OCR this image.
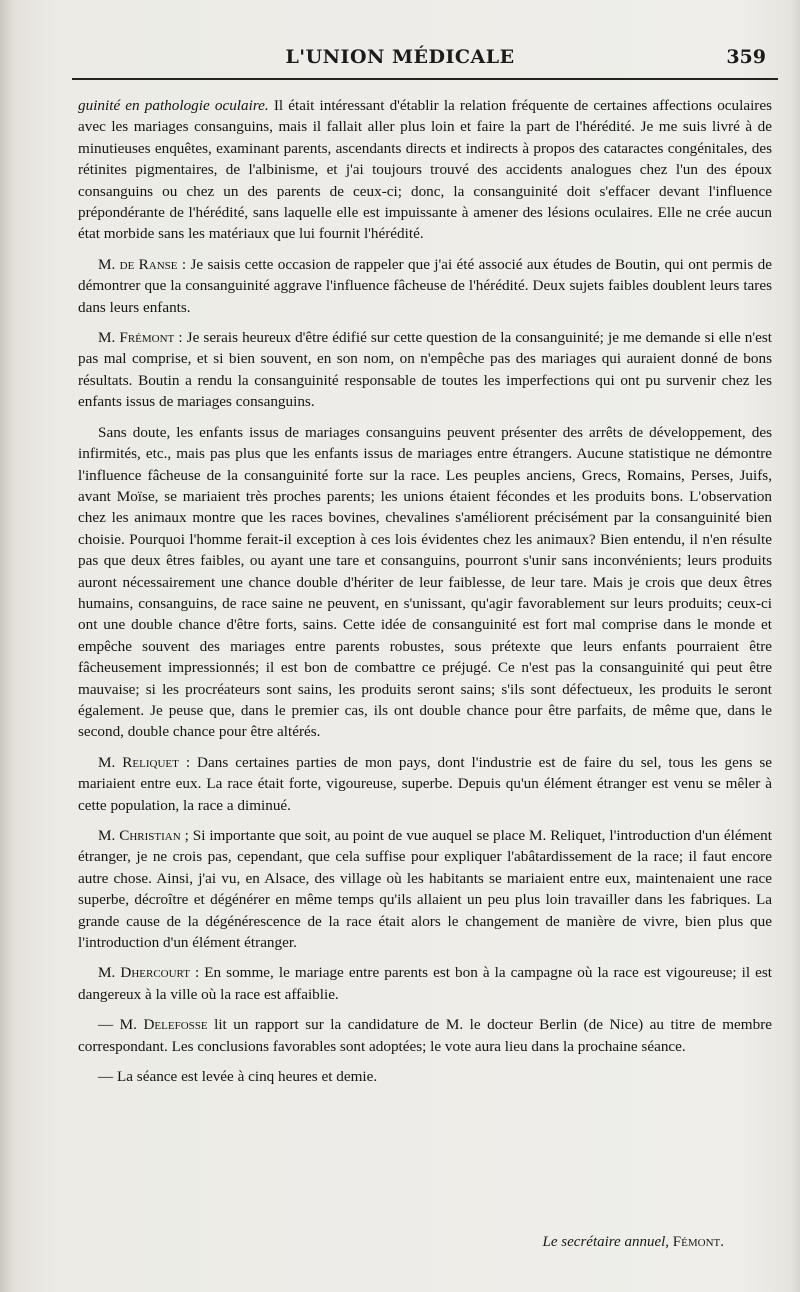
L'UNION MÉDICALE	359

guinité en pathologie oculaire. Il était intéressant d'établir la relation fréquente de certaines affections oculaires avec les mariages consanguins, mais il fallait aller plus loin et faire la part de l'hérédité. Je me suis livré à de minutieuses enquêtes, examinant parents, ascendants directs et indirects à propos des cataractes congénitales, des rétinites pigmentaires, de l'albinisme, et j'ai toujours trouvé des accidents analogues chez l'un des époux consanguins ou chez un des parents de ceux-ci; donc, la consanguinité doit s'effacer devant l'influence prépondérante de l'hérédité, sans laquelle elle est impuissante à amener des lésions oculaires. Elle ne crée aucun état morbide sans les matériaux que lui fournit l'hérédité.

M. de Ranse : Je saisis cette occasion de rappeler que j'ai été associé aux études de Boutin, qui ont permis de démontrer que la consanguinité aggrave l'influence fâcheuse de l'hérédité. Deux sujets faibles doublent leurs tares dans leurs enfants.

M. Frémont : Je serais heureux d'être édifié sur cette question de la consanguinité; je me demande si elle n'est pas mal comprise, et si bien souvent, en son nom, on n'empêche pas des mariages qui auraient donné de bons résultats. Boutin a rendu la consanguinité responsable de toutes les imperfections qui ont pu survenir chez les enfants issus de mariages consanguins.

Sans doute, les enfants issus de mariages consanguins peuvent présenter des arrêts de développement, des infirmités, etc., mais pas plus que les enfants issus de mariages entre étrangers. Aucune statistique ne démontre l'influence fâcheuse de la consanguinité forte sur la race. Les peuples anciens, Grecs, Romains, Perses, Juifs, avant Moïse, se mariaient très proches parents; les unions étaient fécondes et les produits bons. L'observation chez les animaux montre que les races bovines, chevalines s'améliorent précisément par la consanguinité bien choisie. Pourquoi l'homme ferait-il exception à ces lois évidentes chez les animaux? Bien entendu, il n'en résulte pas que deux êtres faibles, ou ayant une tare et consanguins, pourront s'unir sans inconvénients; leurs produits auront nécessairement une chance double d'hériter de leur faiblesse, de leur tare. Mais je crois que deux êtres humains, consanguins, de race saine ne peuvent, en s'unissant, qu'agir favorablement sur leurs produits; ceux-ci ont une double chance d'être forts, sains. Cette idée de consanguinité est fort mal comprise dans le monde et empêche souvent des mariages entre parents robustes, sous prétexte que leurs enfants pourraient être fâcheusement impressionnés; il est bon de combattre ce préjugé. Ce n'est pas la consanguinité qui peut être mauvaise; si les procréateurs sont sains, les produits seront sains; s'ils sont défectueux, les produits le seront également. Je peuse que, dans le premier cas, ils ont double chance pour être parfaits, de même que, dans le second, double chance pour être altérés.

M. Reliquet : Dans certaines parties de mon pays, dont l'industrie est de faire du sel, tous les gens se mariaient entre eux. La race était forte, vigoureuse, superbe. Depuis qu'un élément étranger est venu se mêler à cette population, la race a diminué.

M. Christian ; Si importante que soit, au point de vue auquel se place M. Reliquet, l'introduction d'un élément étranger, je ne crois pas, cependant, que cela suffise pour expliquer l'abâtardissement de la race; il faut encore autre chose. Ainsi, j'ai vu, en Alsace, des village où les habitants se mariaient entre eux, maintenaient une race superbe, décroître et dégénérer en même temps qu'ils allaient un peu plus loin travailler dans les fabriques. La grande cause de la dégénérescence de la race était alors le changement de manière de vivre, bien plus que l'introduction d'un élément étranger.

M. Dhercourt : En somme, le mariage entre parents est bon à la campagne où la race est vigoureuse; il est dangereux à la ville où la race est affaiblie.

— M. Delefosse lit un rapport sur la candidature de M. le docteur Berlin (de Nice) au titre de membre correspondant. Les conclusions favorables sont adoptées; le vote aura lieu dans la prochaine séance.

— La séance est levée à cinq heures et demie.

Le secrétaire annuel, Fémont.
